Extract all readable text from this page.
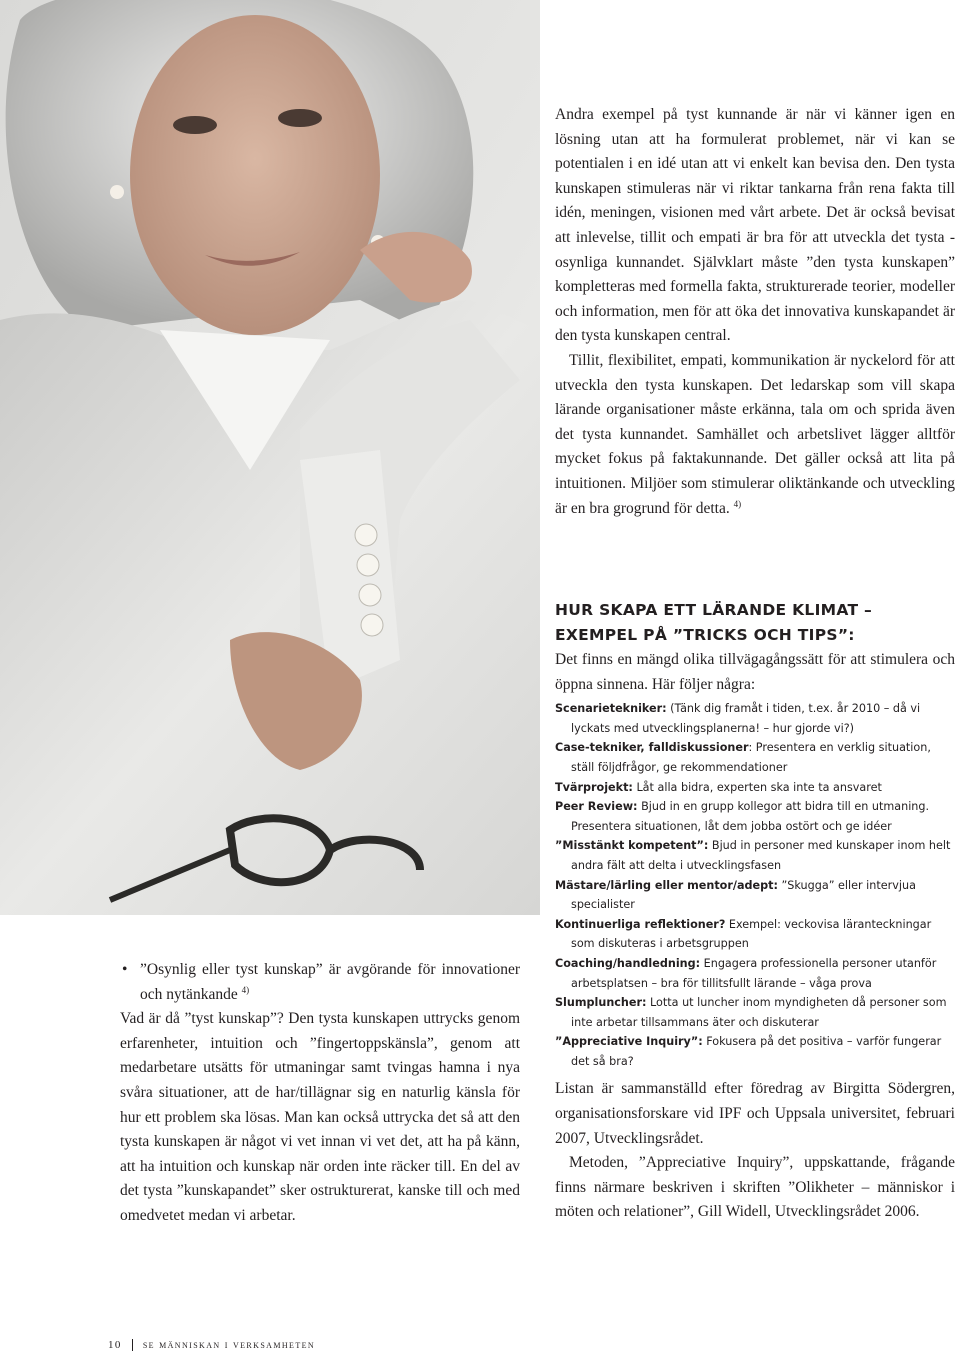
Andra exempel på tyst kunnande är när vi känner igen en lösning utan att ha formulerat problemet, när vi kan se potentialen i en idé utan att vi enkelt kan bevisa den. Den tysta kunskapen stimuleras när vi riktar tankarna från rena fakta till idén, meningen, visionen med vårt arbete. Det är också bevisat att inlevelse, tillit och empati är bra för att utveckla det tysta - osynliga kunnandet. Självklart måste ”den tysta kunskapen” kompletteras med formella fakta, strukturerade teorier, modeller och information, men för att öka det innovativa kunskapandet är den tysta kunskapen central.

Tillit, flexibilitet, empati, kommunikation är nyckelord för att utveckla den tysta kunskapen. Det ledarskap som vill skapa lärande organisationer måste erkänna, tala om och sprida även det tysta kunnandet. Samhället och arbetslivet lägger alltför mycket fokus på faktakunnande. Det gäller också att lita på intuitionen. Miljöer som stimulerar oliktänkande och utveckling är en bra grogrund för detta. $^{4)}$

HUR SKAPA ETT LÄRANDE KLIMAT – EXEMPEL PÅ ”TRICKS OCH TIPS”:

Det finns en mängd olika tillvägagångssätt för att stimulera och öppna sinnena. Här följer några:

Scenarietekniker: (Tänk dig framåt i tiden, t.ex. år 2010 – då vi lyckats med utvecklingsplanerna! – hur gjorde vi?)
Case-tekniker, falldiskussioner: Presentera en verklig situation, ställ följdfrågor, ge rekommendationer
Tvärprojekt: Låt alla bidra, experten ska inte ta ansvaret
Peer Review: Bjud in en grupp kollegor att bidra till en utmaning. Presentera situationen, låt dem jobba ostört och ge idéer
”Misstänkt kompetent”: Bjud in personer med kunskaper inom helt andra fält att delta i utvecklingsfasen
Mästare/lärling eller mentor/adept: ”Skugga” eller intervjua specialister
Kontinuerliga reflektioner? Exempel: veckovisa läranteckningar som diskuteras i arbetsgruppen
Coaching/handledning: Engagera professionella personer utanför arbetsplatsen – bra för tillitsfullt lärande – våga prova
Slumpluncher: Lotta ut luncher inom myndigheten då personer som inte arbetar tillsammans äter och diskuterar
”Appreciative Inquiry”: Fokusera på det positiva – varför fungerar det så bra?

Listan är sammanställd efter föredrag av Birgitta Södergren, organisationsforskare vid IPF och Uppsala universitet, februari 2007, Utvecklingsrådet.

Metoden, ”Appreciative Inquiry”, uppskattande, frågande finns närmare beskriven i skriften ”Olikheter – människor i möten och relationer”, Gill Widell, Utvecklingsrådet 2006.

• ”Osynlig eller tyst kunskap” är avgörande för innovationer och nytänkande $^{4)}$

Vad är då ”tyst kunskap”? Den tysta kunskapen uttrycks genom erfarenheter, intuition och ”fingertoppskänsla”, genom att medarbetare utsätts för utmaningar samt tvingas hamna i nya svåra situationer, att de har/tillägnar sig en naturlig känsla för hur ett problem ska lösas. Man kan också uttrycka det så att den tysta kunskapen är något vi vet innan vi vet det, att ha på känn, att ha intuition och kunskap när orden inte räcker till. En del av det tysta ”kunskapandet” sker ostrukturerat, kanske till och med omedvetet medan vi arbetar.

10 se människan i verksamheten
